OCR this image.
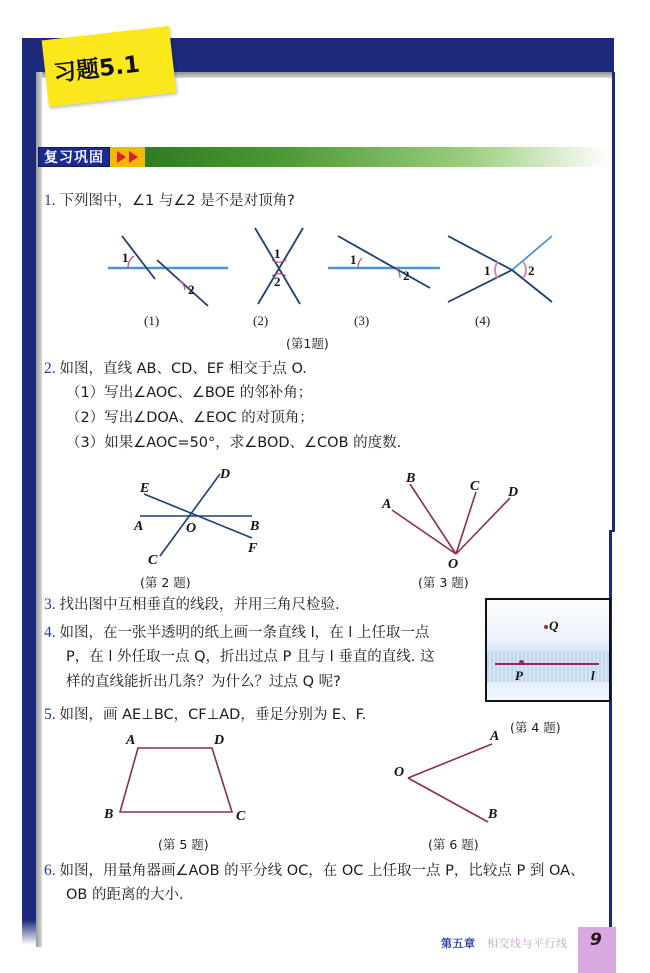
习题5.1
复习巩固
1. 下列图中，∠1 与∠2 是不是对顶角?
1
2
1
2
1
2	1	2
(1)	(2)	(3)	(4)
(第1题)
2. 如图，直线 AB、CD、EF 相交于点 O.
（1）写出∠AOC、∠BOE 的邻补角；
（2）写出∠DOA、∠EOC 的对顶角；
（3）如果∠AOC=50°，求∠BOD、∠COB 的度数.
E
D
A	O	B
C
F
(第 2 题)
B
C D
A
O
(第 3 题)
3. 找出图中互相垂直的线段，并用三角尺检验.
4. 如图，在一张半透明的纸上画一条直线 l，在 l 上任取一点
P，在 l 外任取一点 Q，折出过点 P 且与 l 垂直的直线. 这
样的直线能折出几条？为什么？过点 Q 呢?
Q
P	l
(第 4 题)
5. 如图，画 AE⊥BC，CF⊥AD，垂足分别为 E、F.
A	D
B	C
(第 5 题)
A
O
B
(第 6 题)
6. 如图，用量角器画∠AOB 的平分线 OC，在 OC 上任取一点 P，比较点 P 到 OA、
OB 的距离的大小.
第五章 相交线与平行线 9
